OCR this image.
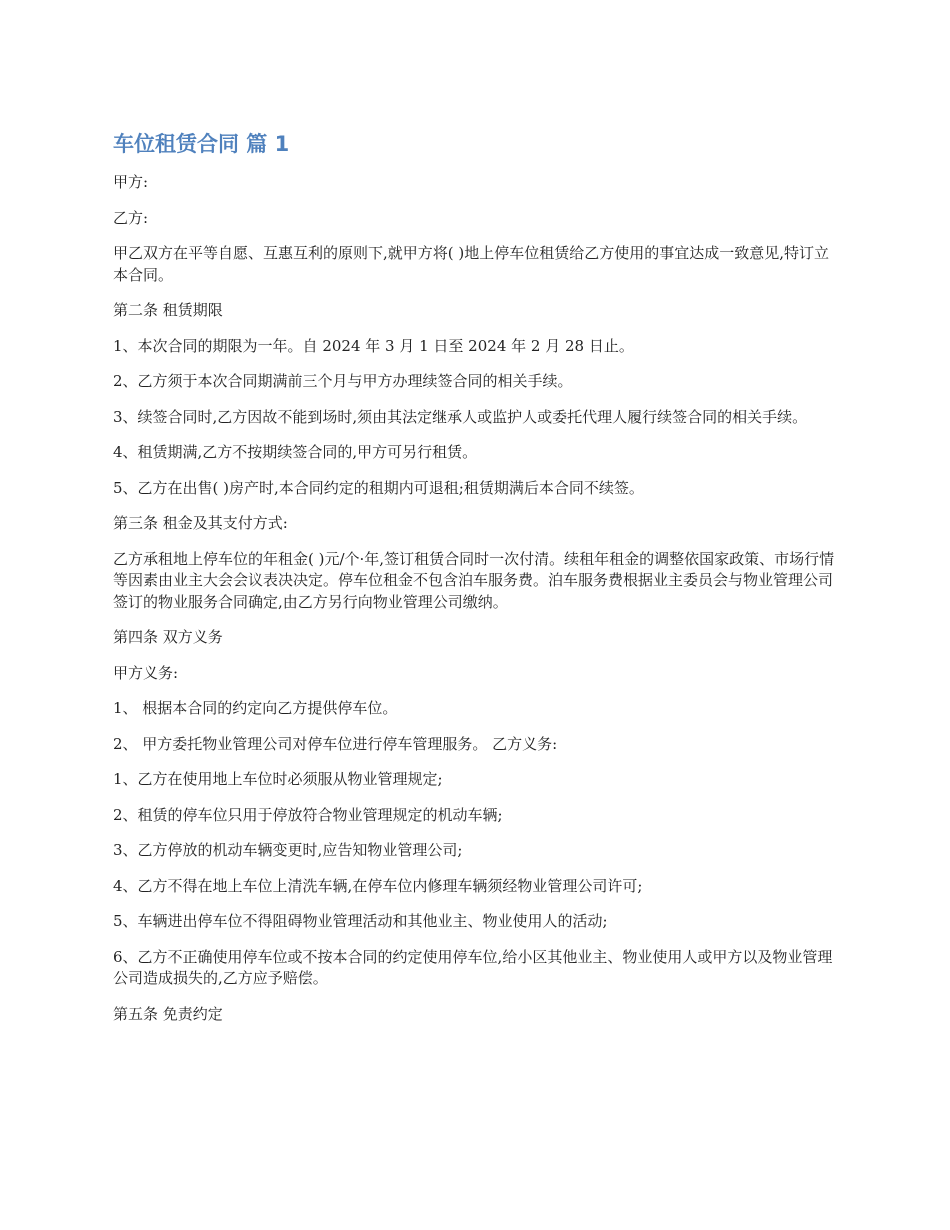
车位租赁合同 篇 1

甲方:

乙方:

甲乙双方在平等自愿、互惠互利的原则下,就甲方将( )地上停车位租赁给乙方使用的事宜达成一致意见,特订立本合同。

第二条 租赁期限

1、本次合同的期限为一年。自 2024 年 3 月 1 日至 2024 年 2 月 28 日止。

2、乙方须于本次合同期满前三个月与甲方办理续签合同的相关手续。

3、续签合同时,乙方因故不能到场时,须由其法定继承人或监护人或委托代理人履行续签合同的相关手续。

4、租赁期满,乙方不按期续签合同的,甲方可另行租赁。

5、乙方在出售( )房产时,本合同约定的租期内可退租;租赁期满后本合同不续签。

第三条 租金及其支付方式:

乙方承租地上停车位的年租金( )元/个·年,签订租赁合同时一次付清。续租年租金的调整依国家政策、市场行情等因素由业主大会会议表决决定。停车位租金不包含泊车服务费。泊车服务费根据业主委员会与物业管理公司签订的物业服务合同确定,由乙方另行向物业管理公司缴纳。

第四条 双方义务

甲方义务:

1、 根据本合同的约定向乙方提供停车位。

2、 甲方委托物业管理公司对停车位进行停车管理服务。 乙方义务:

1、乙方在使用地上车位时必须服从物业管理规定;

2、租赁的停车位只用于停放符合物业管理规定的机动车辆;

3、乙方停放的机动车辆变更时,应告知物业管理公司;

4、乙方不得在地上车位上清洗车辆,在停车位内修理车辆须经物业管理公司许可;

5、车辆进出停车位不得阻碍物业管理活动和其他业主、物业使用人的活动;

6、乙方不正确使用停车位或不按本合同的约定使用停车位,给小区其他业主、物业使用人或甲方以及物业管理公司造成损失的,乙方应予赔偿。

第五条 免责约定
